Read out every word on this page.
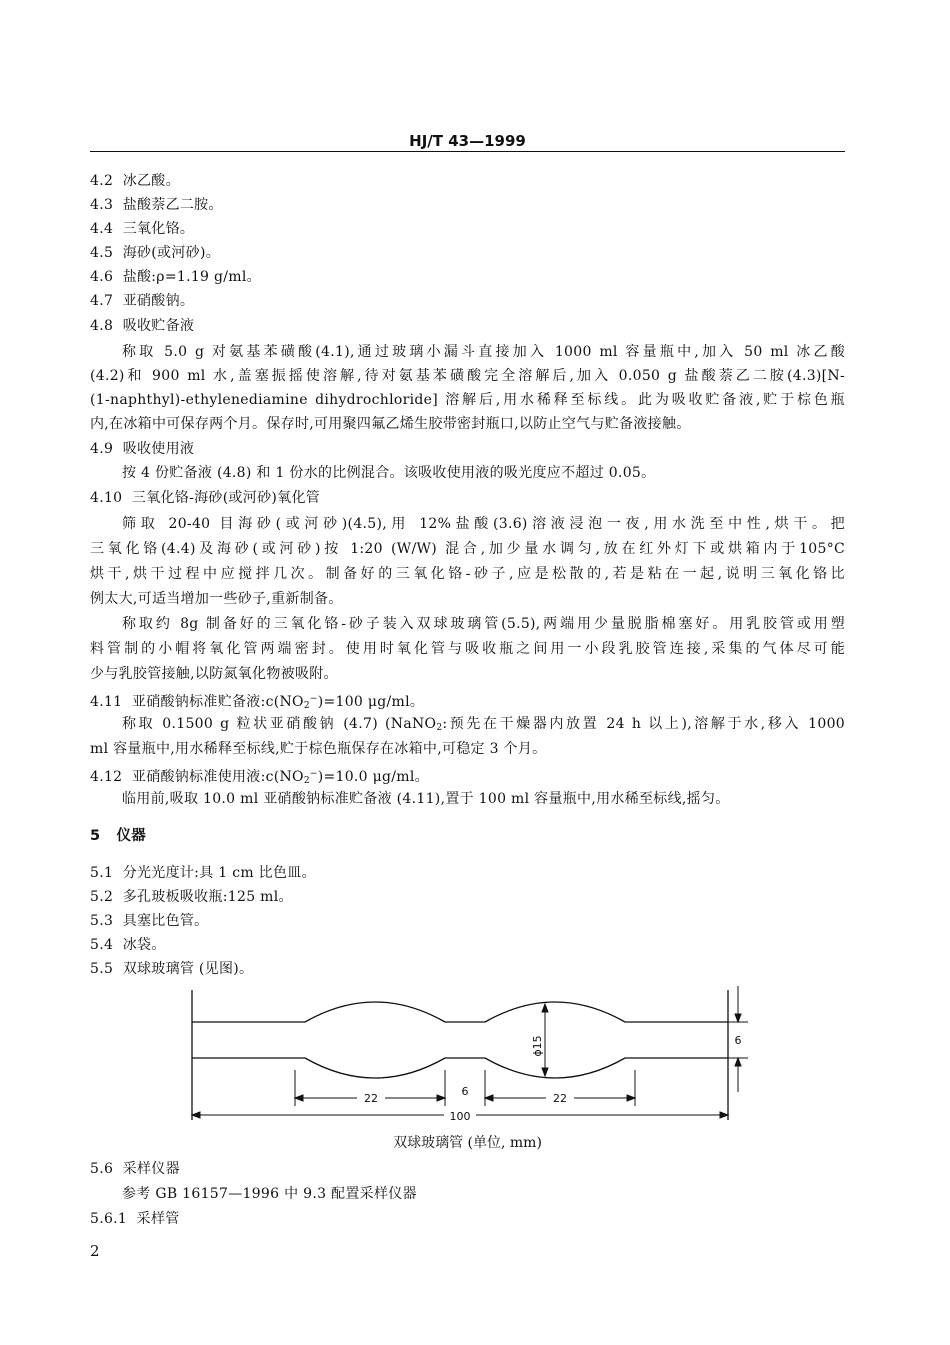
HJ/T 43—1999
4.2 冰乙酸。
4.3 盐酸萘乙二胺。
4.4 三氧化铬。
4.5 海砂(或河砂)。
4.6 盐酸:ρ=1.19 g/ml。
4.7 亚硝酸钠。
4.8 吸收贮备液
称取 5.0 g 对氨基苯磺酸(4.1),通过玻璃小漏斗直接加入 1000 ml 容量瓶中,加入 50 ml 冰乙酸
(4.2)和 900 ml 水,盖塞振摇使溶解,待对氨基苯磺酸完全溶解后,加入 0.050 g 盐酸萘乙二胺(4.3)[N-
(1-naphthyl)-ethylenediamine dihydrochloride] 溶解后,用水稀释至标线。此为吸收贮备液,贮于棕色瓶
内,在冰箱中可保存两个月。保存时,可用聚四氟乙烯生胶带密封瓶口,以防止空气与贮备液接触。
4.9 吸收使用液
按 4 份贮备液 (4.8) 和 1 份水的比例混合。该吸收使用液的吸光度应不超过 0.05。
4.10 三氧化铬-海砂(或河砂)氧化管
筛取 20-40 目海砂(或河砂)(4.5),用 12%盐酸(3.6)溶液浸泡一夜,用水洗至中性,烘干。把
三氧化铬(4.4)及海砂(或河砂)按 1:20 (W/W) 混合,加少量水调匀,放在红外灯下或烘箱内于105°C
烘干,烘干过程中应搅拌几次。制备好的三氧化铬-砂子,应是松散的,若是粘在一起,说明三氧化铬比
例太大,可适当增加一些砂子,重新制备。
称取约 8g 制备好的三氧化铬-砂子装入双球玻璃管(5.5),两端用少量脱脂棉塞好。用乳胶管或用塑
料管制的小帽将氧化管两端密封。使用时氧化管与吸收瓶之间用一小段乳胶管连接,采集的气体尽可能
少与乳胶管接触,以防氮氧化物被吸附。
4.11 亚硝酸钠标准贮备液$:c(NO_2^-)=100$ μg/ml。
称取 0.1500 g 粒状亚硝酸钠 (4.7) (NaNO$_2$:预先在干燥器内放置 24 h 以上),溶解于水,移入 1000
ml 容量瓶中,用水稀释至标线,贮于棕色瓶保存在冰箱中,可稳定 3 个月。
4.12 亚硝酸钠标准使用液$:c(NO_2^-)=10.0$ μg/ml。
临用前,吸取 10.0 ml 亚硝酸钠标准贮备液 (4.11),置于 100 ml 容量瓶中,用水稀至标线,摇匀。
5 仪器
5.1 分光光度计:具 1 cm 比色皿。
5.2 多孔玻板吸收瓶:125 ml。
5.3 具塞比色管。
5.4 冰袋。
5.5 双球玻璃管 (见图)。
22
6
22
100
6
ϕ15
双球玻璃管 (单位, mm)
5.6 采样仪器
参考 GB 16157—1996 中 9.3 配置采样仪器
5.6.1 采样管
2
